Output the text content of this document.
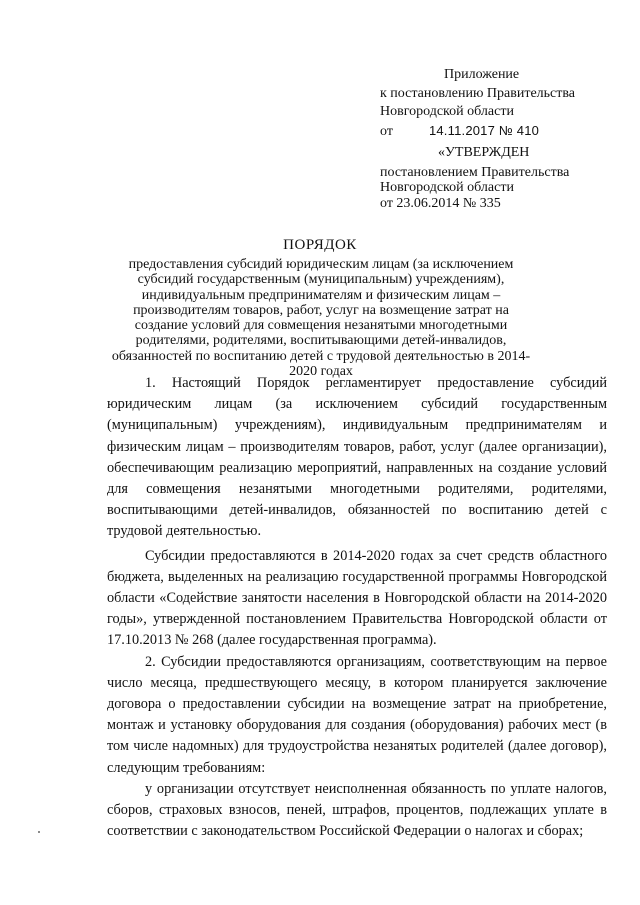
Приложение
к постановлению Правительства
Новгородской области
от	14.11.2017 № 410
«УТВЕРЖДЕН
постановлением Правительства
Новгородской области
от 23.06.2014 № 335
ПОРЯДОК
предоставления субсидий юридическим лицам (за исключением субсидий государственным (муниципальным) учреждениям), индивидуальным предпринимателям и физическим лицам – производителям товаров, работ, услуг на возмещение затрат на создание условий для совмещения незанятыми многодетными родителями, родителями, воспитывающими детей-инвалидов, обязанностей по воспитанию детей с трудовой деятельностью в 2014-2020 годах

1. Настоящий Порядок регламентирует предоставление субсидий юридическим лицам (за исключением субсидий государственным (муниципальным) учреждениям), индивидуальным предпринимателям и физическим лицам – производителям товаров, работ, услуг (далее организации), обеспечивающим реализацию мероприятий, направленных на создание условий для совмещения незанятыми многодетными родителями, родителями, воспитывающими детей-инвалидов, обязанностей по воспитанию детей с трудовой деятельностью.

Субсидии предоставляются в 2014-2020 годах за счет средств областного бюджета, выделенных на реализацию государственной программы Новгородской области «Содействие занятости населения в Новгородской области на 2014-2020 годы», утвержденной постановлением Правительства Новгородской области от 17.10.2013 № 268 (далее государственная программа).

2. Субсидии предоставляются организациям, соответствующим на первое число месяца, предшествующего месяцу, в котором планируется заключение договора о предоставлении субсидии на возмещение затрат на приобретение, монтаж и установку оборудования для создания (оборудования) рабочих мест (в том числе надомных) для трудоустройства незанятых родителей (далее договор), следующим требованиям:

у организации отсутствует неисполненная обязанность по уплате налогов, сборов, страховых взносов, пеней, штрафов, процентов, подлежащих уплате в соответствии с законодательством Российской Федерации о налогах и сборах;
